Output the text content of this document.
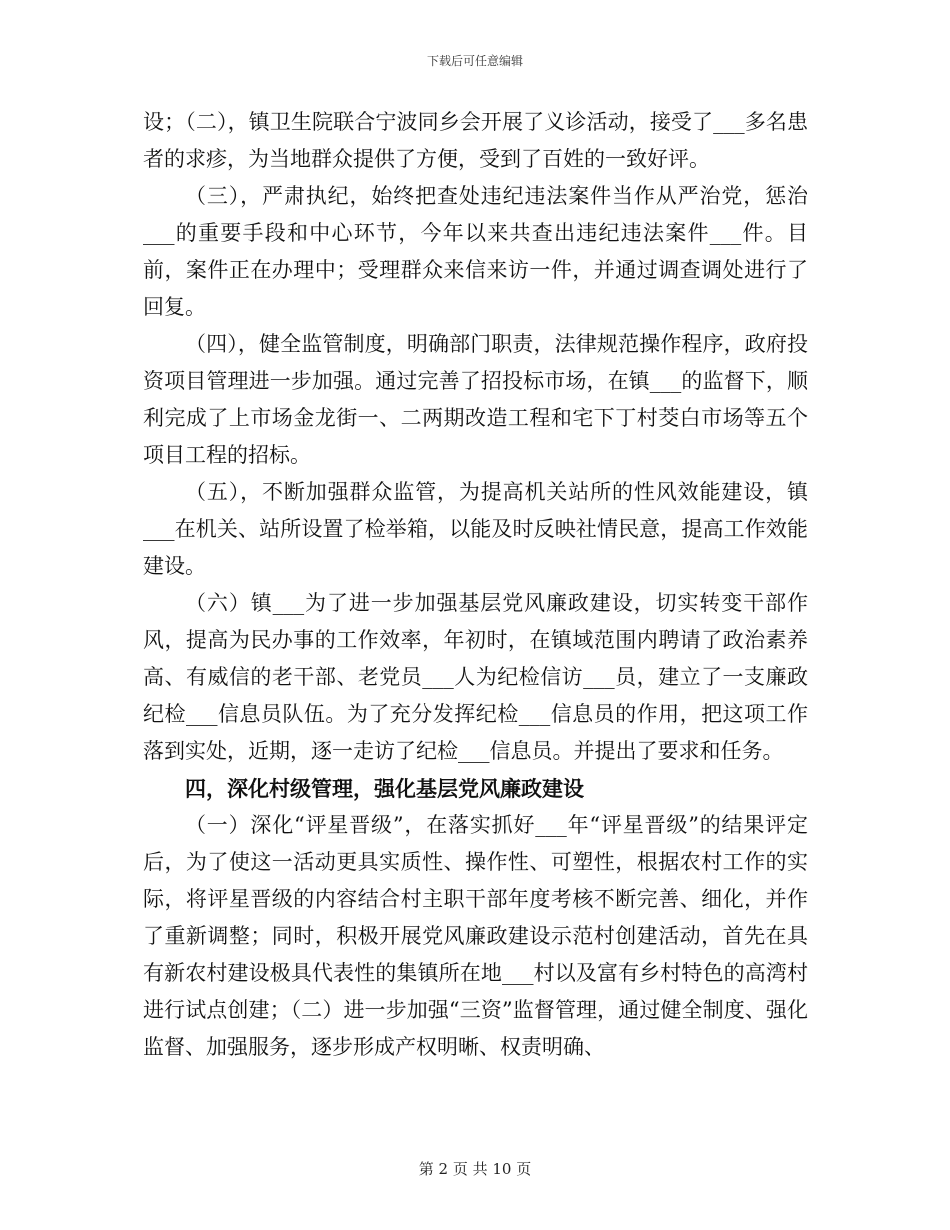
下载后可任意编辑

设；（二），镇卫生院联合宁波同乡会开展了义诊活动，接受了___多名患者的求疹，为当地群众提供了方便，受到了百姓的一致好评。

（三），严肃执纪，始终把查处违纪违法案件当作从严治党，惩治___的重要手段和中心环节，今年以来共查出违纪违法案件___件。目前，案件正在办理中；受理群众来信来访一件，并通过调查调处进行了回复。

（四），健全监管制度，明确部门职责，法律规范操作程序，政府投资项目管理进一步加强。通过完善了招投标市场，在镇___的监督下，顺利完成了上市场金龙街一、二两期改造工程和宅下丁村茭白市场等五个项目工程的招标。

（五），不断加强群众监管，为提高机关站所的性风效能建设，镇___在机关、站所设置了检举箱，以能及时反映社情民意，提高工作效能建设。

（六）镇___为了进一步加强基层党风廉政建设，切实转变干部作风，提高为民办事的工作效率，年初时，在镇域范围内聘请了政治素养高、有威信的老干部、老党员___人为纪检信访___员，建立了一支廉政纪检___信息员队伍。为了充分发挥纪检___信息员的作用，把这项工作落到实处，近期，逐一走访了纪检___信息员。并提出了要求和任务。

四，深化村级管理，强化基层党风廉政建设

（一）深化“评星晋级”，在落实抓好___年“评星晋级”的结果评定后，为了使这一活动更具实质性、操作性、可塑性，根据农村工作的实际，将评星晋级的内容结合村主职干部年度考核不断完善、细化，并作了重新调整；同时，积极开展党风廉政建设示范村创建活动，首先在具有新农村建设极具代表性的集镇所在地___村以及富有乡村特色的高湾村进行试点创建；（二）进一步加强“三资”监督管理，通过健全制度、强化监督、加强服务，逐步形成产权明晰、权责明确、

第 2 页 共 10 页
